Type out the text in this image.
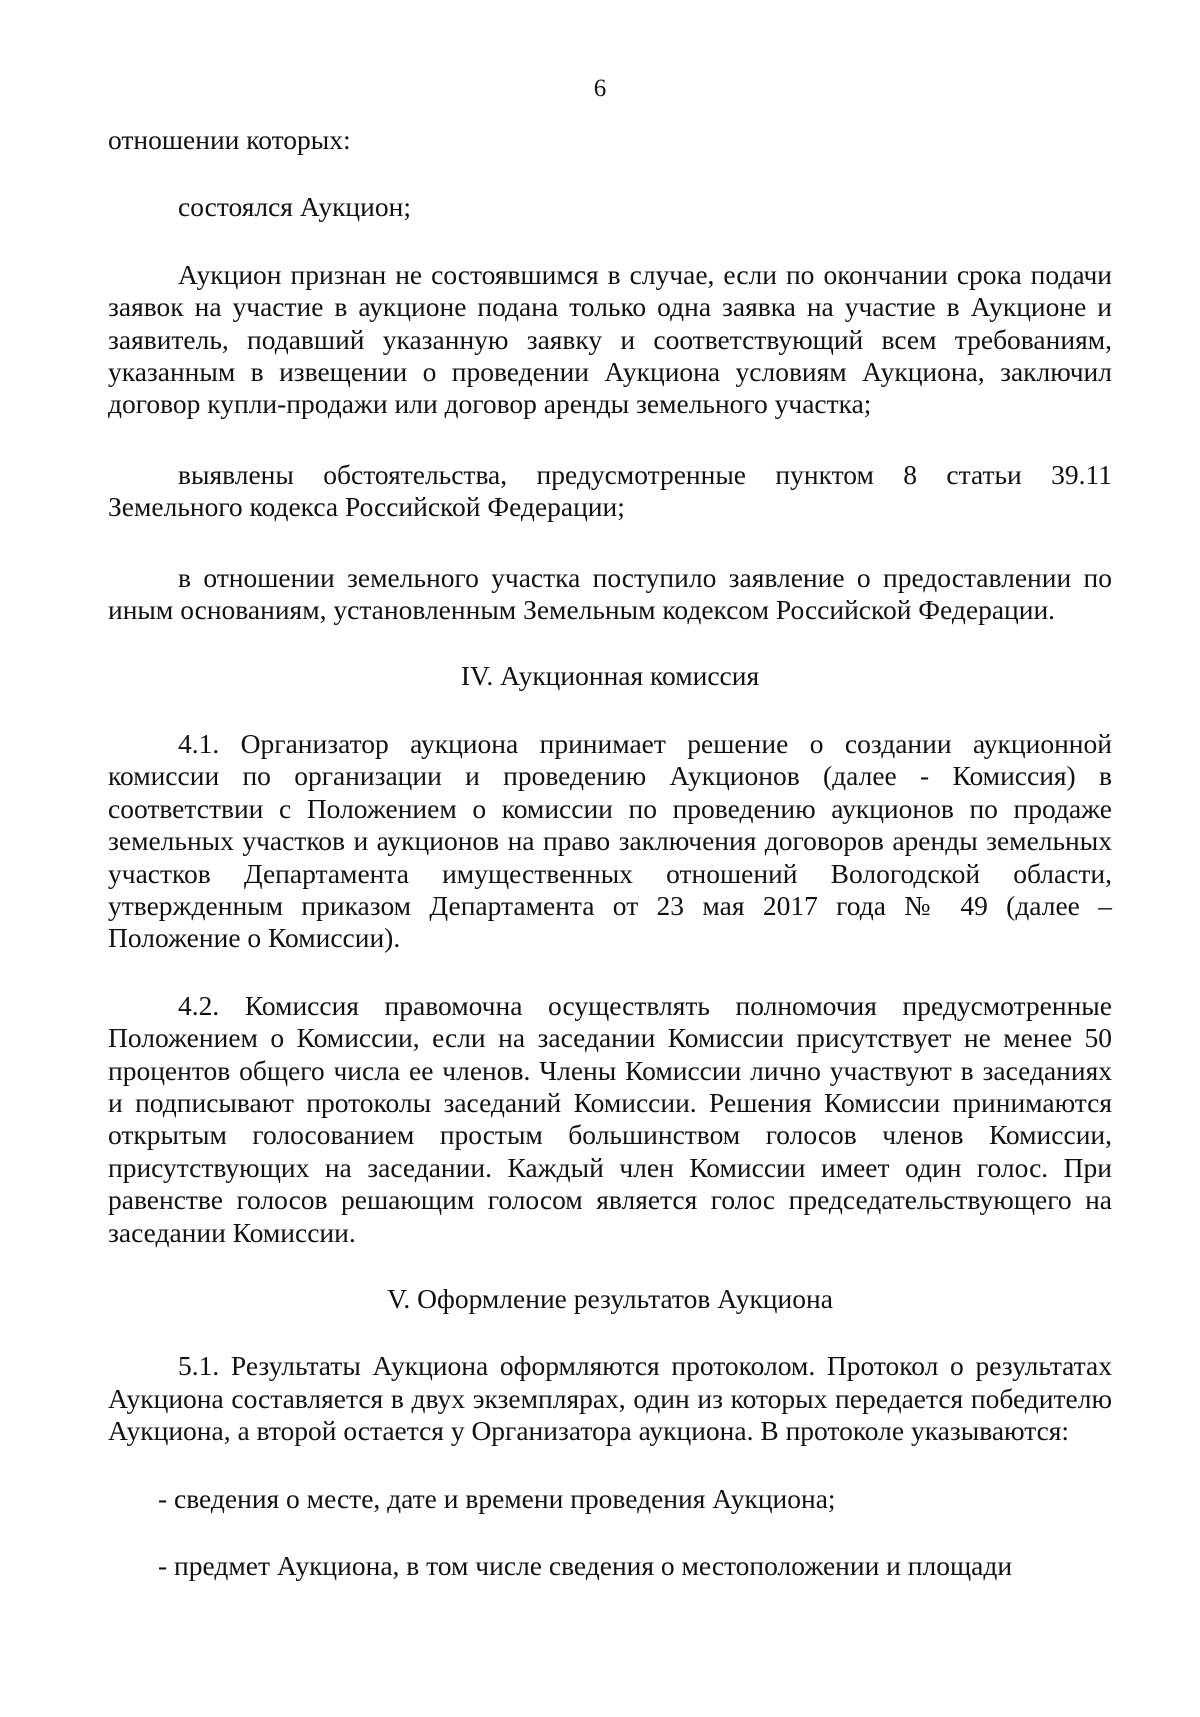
6

отношении которых:

состоялся Аукцион;

Аукцион признан не состоявшимся в случае, если по окончании срока подачи заявок на участие в аукционе подана только одна заявка на участие в Аукционе и заявитель, подавший указанную заявку и соответствующий всем требованиям, указанным в извещении о проведении Аукциона условиям Аукциона, заключил договор купли-продажи или договор аренды земельного участка;

выявлены обстоятельства, предусмотренные пунктом 8 статьи 39.11 Земельного кодекса Российской Федерации;

в отношении земельного участка поступило заявление о предоставлении по иным основаниям, установленным Земельным кодексом Российской Федерации.

IV. Аукционная комиссия

4.1. Организатор аукциона принимает решение о создании аукционной комиссии по организации и проведению Аукционов (далее - Комиссия) в соответствии с Положением о комиссии по проведению аукционов по продаже земельных участков и аукционов на право заключения договоров аренды земельных участков Департамента имущественных отношений Вологодской области, утвержденным приказом Департамента от 23 мая 2017 года № 49 (далее – Положение о Комиссии).

4.2. Комиссия правомочна осуществлять полномочия предусмотренные Положением о Комиссии, если на заседании Комиссии присутствует не менее 50 процентов общего числа ее членов. Члены Комиссии лично участвуют в заседаниях и подписывают протоколы заседаний Комиссии. Решения Комиссии принимаются открытым голосованием простым большинством голосов членов Комиссии, присутствующих на заседании. Каждый член Комиссии имеет один голос. При равенстве голосов решающим голосом является голос председательствующего на заседании Комиссии.

V. Оформление результатов Аукциона

5.1. Результаты Аукциона оформляются протоколом. Протокол о результатах Аукциона составляется в двух экземплярах, один из которых передается победителю Аукциона, а второй остается у Организатора аукциона. В протоколе указываются:

- сведения о месте, дате и времени проведения Аукциона;

- предмет Аукциона, в том числе сведения о местоположении и площади
